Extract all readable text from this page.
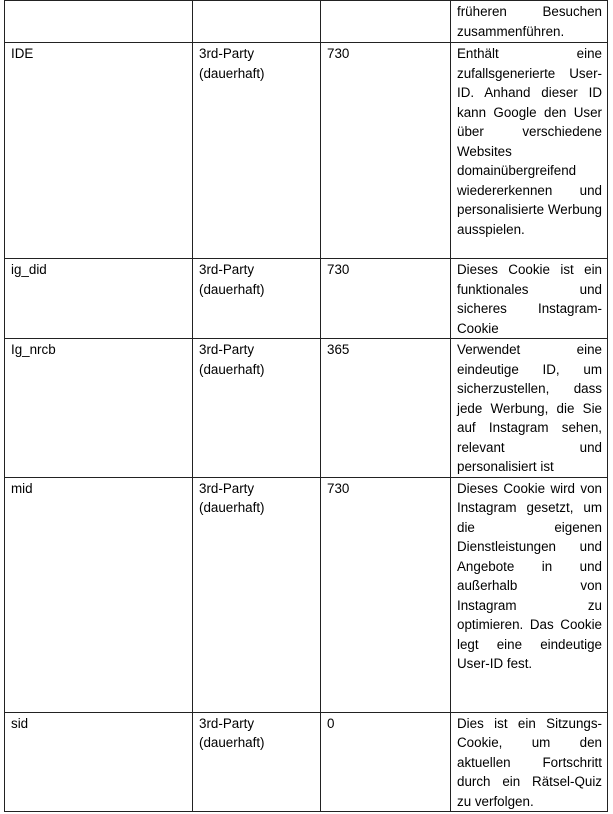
			früheren Besuchen zusammenführen.
IDE	3rd-Party (dauerhaft)	730	Enthält eine zufallsgenerierte User-ID. Anhand dieser ID kann Google den User über verschiedene Websites domainübergreifend wiedererkennen und personalisierte Werbung ausspielen.
ig_did	3rd-Party (dauerhaft)	730	Dieses Cookie ist ein funktionales und sicheres Instagram-Cookie
Ig_nrcb	3rd-Party (dauerhaft)	365	Verwendet eine eindeutige ID, um sicherzustellen, dass jede Werbung, die Sie auf Instagram sehen, relevant und personalisiert ist
mid	3rd-Party (dauerhaft)	730	Dieses Cookie wird von Instagram gesetzt, um die eigenen Dienstleistungen und Angebote in und außerhalb von Instagram zu optimieren. Das Cookie legt eine eindeutige User-ID fest.
sid	3rd-Party (dauerhaft)	0	Dies ist ein Sitzungs-Cookie, um den aktuellen Fortschritt durch ein Rätsel-Quiz zu verfolgen.
